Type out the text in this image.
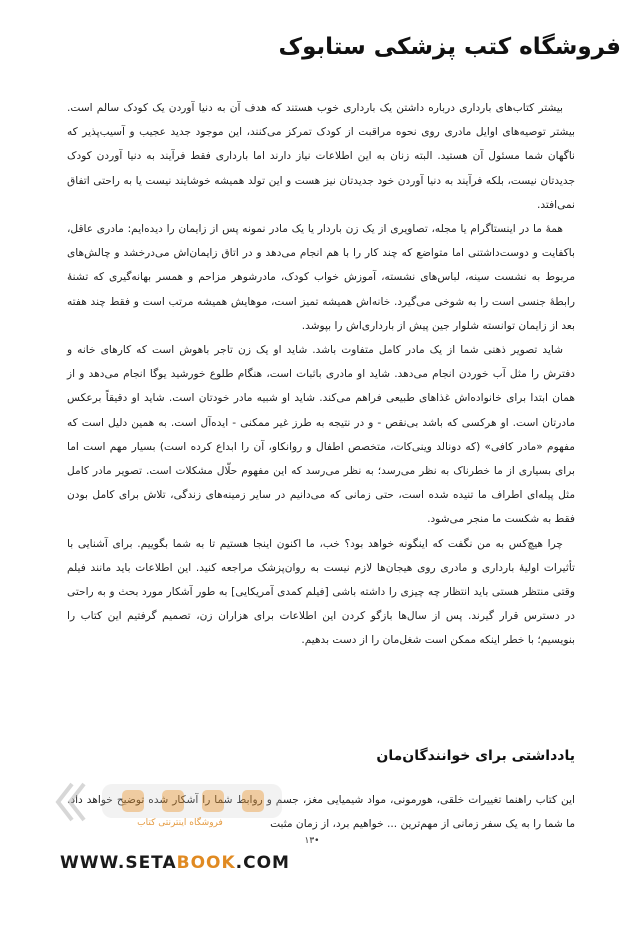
فروشگاه کتب پزشکی ستابوک

بیشتر کتاب‌های بارداری درباره داشتن یک بارداری خوب هستند که هدف آن به دنیا آوردن یک کودک سالم است. بیشتر توصیه‌های اوایل مادری روی نحوه مراقبت از کودک تمرکز می‌کنند، این موجود جدید عجیب و آسیب‌پذیر که ناگهان شما مسئول آن هستید. البته زنان به این اطلاعات نیاز دارند اما بارداری فقط فرآیند به دنیا آوردن کودک جدیدتان نیست، بلکه فرآیند به دنیا آوردن خود جدیدتان نیز هست و این تولد همیشه خوشایند نیست یا به راحتی اتفاق نمی‌افتد.

همهٔ ما در اینستاگرام یا مجله، تصاویری از یک زن باردار یا یک مادر نمونه پس از زایمان را دیده‌ایم: مادری عاقل، باکفایت و دوست‌داشتنی اما متواضع که چند کار را با هم انجام می‌دهد و در اتاق زایمان‌اش می‌درخشد و چالش‌های مربوط به نشست سینه، لباس‌های نشسته، آموزش خواب کودک، مادرشوهر مزاحم و همسر بهانه‌گیری که تشنهٔ رابطهٔ جنسی است را به شوخی می‌گیرد. خانه‌اش همیشه تمیز است، موهایش همیشه مرتب است و فقط چند هفته بعد از زایمان توانسته شلوار جین پیش از بارداری‌اش را بپوشد.

شاید تصویر ذهنی شما از یک مادر کامل متفاوت باشد. شاید او یک زن تاجر باهوش است که کارهای خانه و دفترش را مثل آب خوردن انجام می‌دهد. شاید او مادری باثبات است، هنگام طلوع خورشید یوگا انجام می‌دهد و از همان ابتدا برای خانواده‌اش غذاهای طبیعی فراهم می‌کند. شاید او شبیه مادر خودتان است. شاید او دقیقاً برعکس مادرتان است. او هرکسی که باشد بی‌نقص - و در نتیجه به طرز غیر ممکنی - ایده‌آل است. به همین دلیل است که مفهوم «مادر کافی» (که دونالد وینی‌کات، متخصص اطفال و روانکاو، آن را ابداع کرده است) بسیار مهم است اما برای بسیاری از ما خطرناک به نظر می‌رسد؛ به نظر می‌رسد که این مفهوم حلّال مشکلات است. تصویر مادر کامل مثل پیله‌ای اطراف ما تنیده شده است، حتی زمانی که می‌دانیم در سایر زمینه‌های زندگی، تلاش برای کامل بودن فقط به شکست ما منجر می‌شود.

چرا هیچ‌کس به من نگفت که اینگونه خواهد بود؟ خب، ما اکنون اینجا هستیم تا به شما بگوییم. برای آشنایی با تأثیرات اولیهٔ بارداری و مادری روی هیجان‌ها لازم نیست به روان‌پزشک مراجعه کنید. این اطلاعات باید مانند فیلم وقتی منتظر هستی باید انتظار چه چیزی را داشته باشی [فیلم کمدی آمریکایی] به طور آشکار مورد بحث و به راحتی در دسترس قرار گیرند. پس از سال‌ها بازگو کردن این اطلاعات برای هزاران زن، تصمیم گرفتیم این کتاب را بنویسیم؛ با خطر اینکه ممکن است شغل‌مان را از دست بدهیم.

یادداشتی برای خوانندگان‌مان

این کتاب راهنما تغییرات خلقی، هورمونی، مواد شیمیایی مغز، جسم و روابط شما را آشکار شده توضیح خواهد داد. ما شما را به یک سفر زمانی از مهم‌ترین ... خواهیم برد، از زمان مثبت

فروشگاه اینترنتی کتاب
۱۳•
WWW.SETABOOK.COM
